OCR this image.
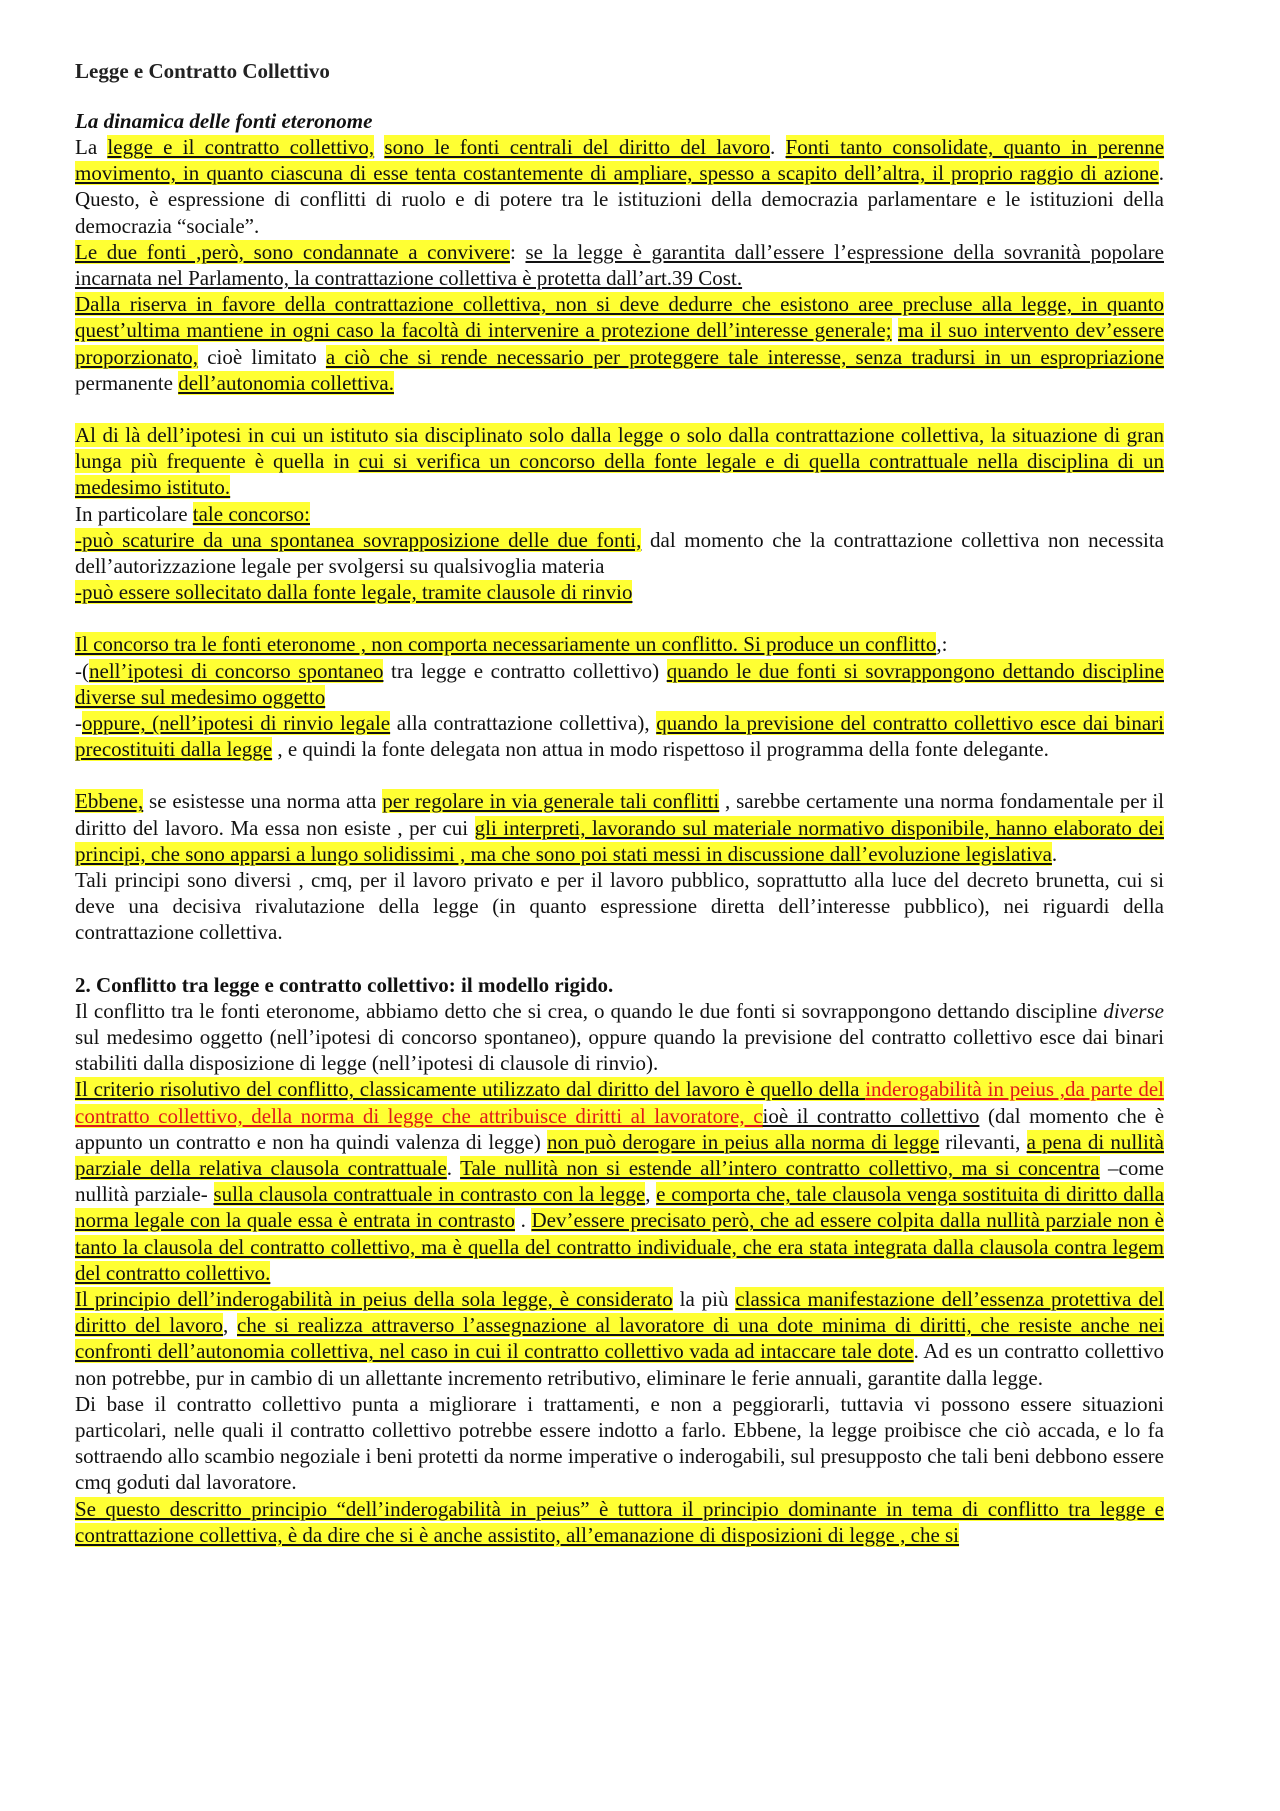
Legge e Contratto Collettivo
La dinamica delle fonti eteronome

La legge e il contratto collettivo, sono le fonti centrali del diritto del lavoro. Fonti tanto consolidate, quanto in perenne movimento, in quanto ciascuna di esse tenta costantemente di ampliare, spesso a scapito dell’altra, il proprio raggio di azione. Questo, è espressione di conflitti di ruolo e di potere tra le istituzioni della democrazia parlamentare e le istituzioni della democrazia “sociale”.

Le due fonti ,però, sono condannate a convivere: se la legge è garantita dall’essere l’espressione della sovranità popolare incarnata nel Parlamento, la contrattazione collettiva è protetta dall’art.39 Cost.

Dalla riserva in favore della contrattazione collettiva, non si deve dedurre che esistono aree precluse alla legge, in quanto quest’ultima mantiene in ogni caso la facoltà di intervenire a protezione dell’interesse generale; ma il suo intervento dev’essere proporzionato, cioè limitato a ciò che si rende necessario per proteggere tale interesse, senza tradursi in un espropriazione permanente dell’autonomia collettiva.

Al di là dell’ipotesi in cui un istituto sia disciplinato solo dalla legge o solo dalla contrattazione collettiva, la situazione di gran lunga più frequente è quella in cui si verifica un concorso della fonte legale e di quella contrattuale nella disciplina di un medesimo istituto.

In particolare tale concorso:

-può scaturire da una spontanea sovrapposizione delle due fonti, dal momento che la contrattazione collettiva non necessita dell’autorizzazione legale per svolgersi su qualsivoglia materia

-può essere sollecitato dalla fonte legale, tramite clausole di rinvio

Il concorso tra le fonti eteronome , non comporta necessariamente un conflitto. Si produce un conflitto,:

-(nell’ipotesi di concorso spontaneo tra legge e contratto collettivo) quando le due fonti si sovrappongono dettando discipline diverse sul medesimo oggetto

-oppure, (nell’ipotesi di rinvio legale alla contrattazione collettiva), quando la previsione del contratto collettivo esce dai binari precostituiti dalla legge , e quindi la fonte delegata non attua in modo rispettoso il programma della fonte delegante.

Ebbene, se esistesse una norma atta per regolare in via generale tali conflitti , sarebbe certamente una norma fondamentale per il diritto del lavoro. Ma essa non esiste , per cui gli interpreti, lavorando sul materiale normativo disponibile, hanno elaborato dei principi, che sono apparsi a lungo solidissimi , ma che sono poi stati messi in discussione dall’evoluzione legislativa.

Tali principi sono diversi , cmq, per il lavoro privato e per il lavoro pubblico, soprattutto alla luce del decreto brunetta, cui si deve una decisiva rivalutazione della legge (in quanto espressione diretta dell’interesse pubblico), nei riguardi della contrattazione collettiva.

2. Conflitto tra legge e contratto collettivo: il modello rigido.

Il conflitto tra le fonti eteronome, abbiamo detto che si crea, o quando le due fonti si sovrappongono dettando discipline diverse sul medesimo oggetto (nell’ipotesi di concorso spontaneo), oppure quando la previsione del contratto collettivo esce dai binari stabiliti dalla disposizione di legge (nell’ipotesi di clausole di rinvio).

Il criterio risolutivo del conflitto, classicamente utilizzato dal diritto del lavoro è quello della inderogabilità in peius ,da parte del contratto collettivo, della norma di legge che attribuisce diritti al lavoratore, cioè il contratto collettivo (dal momento che è appunto un contratto e non ha quindi valenza di legge) non può derogare in peius alla norma di legge rilevanti, a pena di nullità parziale della relativa clausola contrattuale. Tale nullità non si estende all’intero contratto collettivo, ma si concentra –come nullità parziale- sulla clausola contrattuale in contrasto con la legge, e comporta che, tale clausola venga sostituita di diritto dalla norma legale con la quale essa è entrata in contrasto . Dev’essere precisato però, che ad essere colpita dalla nullità parziale non è tanto la clausola del contratto collettivo, ma è quella del contratto individuale, che era stata integrata dalla clausola contra legem del contratto collettivo.

Il principio dell’inderogabilità in peius della sola legge, è considerato la più classica manifestazione dell’essenza protettiva del diritto del lavoro, che si realizza attraverso l’assegnazione al lavoratore di una dote minima di diritti, che resiste anche nei confronti dell’autonomia collettiva, nel caso in cui il contratto collettivo vada ad intaccare tale dote. Ad es un contratto collettivo non potrebbe, pur in cambio di un allettante incremento retributivo, eliminare le ferie annuali, garantite dalla legge.

Di base il contratto collettivo punta a migliorare i trattamenti, e non a peggiorarli, tuttavia vi possono essere situazioni particolari, nelle quali il contratto collettivo potrebbe essere indotto a farlo. Ebbene, la legge proibisce che ciò accada, e lo fa sottraendo allo scambio negoziale i beni protetti da norme imperative o inderogabili, sul presupposto che tali beni debbono essere cmq goduti dal lavoratore.

Se questo descritto principio “dell’inderogabilità in peius” è tuttora il principio dominante in tema di conflitto tra legge e contrattazione collettiva, è da dire che si è anche assistito, all’emanazione di disposizioni di legge , che si
